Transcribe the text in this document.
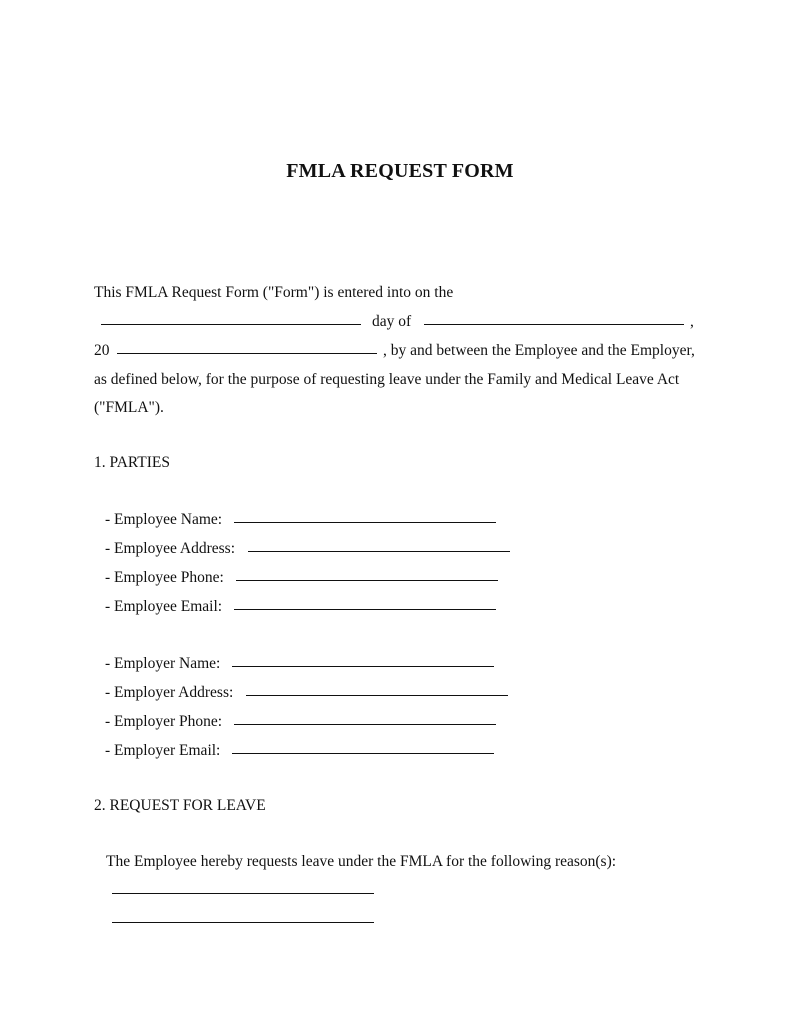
FMLA REQUEST FORM
This FMLA Request Form ("Form") is entered into on the
day of	,
20	, by and between the Employee and the Employer,
as defined below, for the purpose of requesting leave under the Family and Medical Leave Act
("FMLA").
1. PARTIES
- Employee Name:
- Employee Address:
- Employee Phone:
- Employee Email:
- Employer Name:
- Employer Address:
- Employer Phone:
- Employer Email:
2. REQUEST FOR LEAVE
The Employee hereby requests leave under the FMLA for the following reason(s):
